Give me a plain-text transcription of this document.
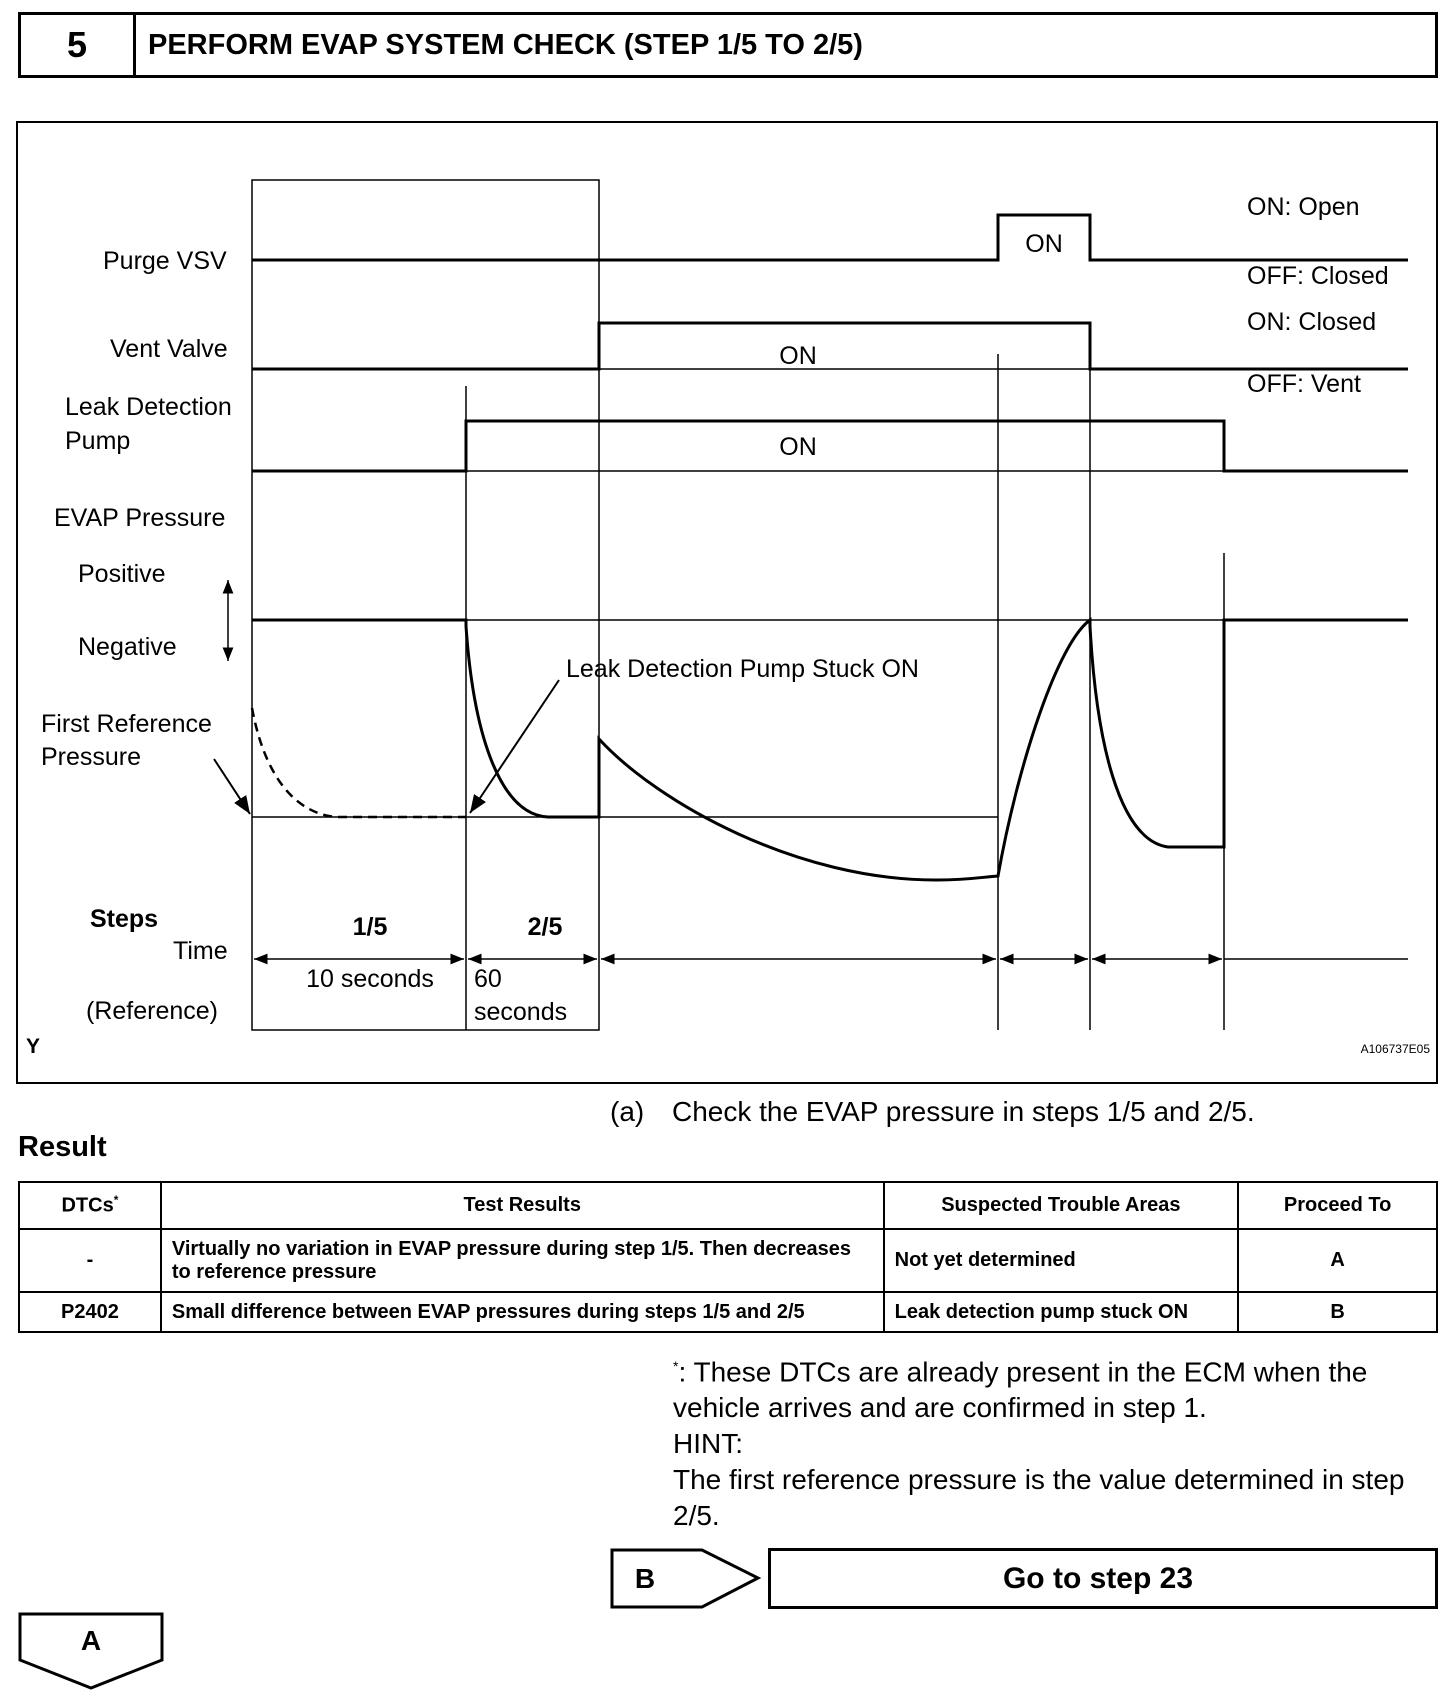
5	PERFORM EVAP SYSTEM CHECK (STEP 1/5 TO 2/5)
Purge VSV
Vent Valve
Leak Detection
Pump
EVAP Pressure
Positive
Negative
First Reference
Pressure
ON: Open
OFF: Closed
ON: Closed
OFF: Vent
ON
ON
ON
Leak Detection Pump Stuck ON
Steps	1/5	2/5
Time
(Reference)
10 seconds 60
seconds
Y	A106737E05
(a) Check the EVAP pressure in steps 1/5 and 2/5.
Result
DTCs*	Test Results	Suspected Trouble Areas	Proceed To
-	Virtually no variation in EVAP pressure during step 1/5. Then decreases to reference pressure	Not yet determined	A
P2402	Small difference between EVAP pressures during steps 1/5 and 2/5	Leak detection pump stuck ON	B
*: These DTCs are already present in the ECM when the vehicle arrives and are confirmed in step 1.
HINT:
The first reference pressure is the value determined in step 2/5.
B	Go to step 23
A
